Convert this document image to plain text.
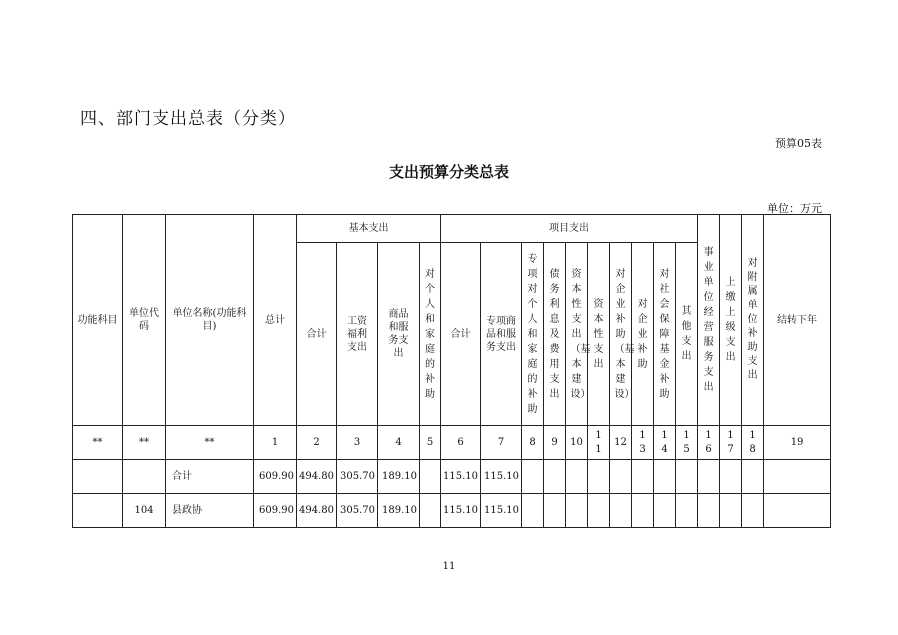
四、部门支出总表（分类）
预算05表
支出预算分类总表
单位：万元
功能科目	单位代码	单位名称(功能科目)	总计	基本支出				项目支出										事业单位经营服务支出	上缴上级支出	对附属单位补助支出	结转下年
				合计	工资福利支出	商品和服务支出	对个人和家庭的补助	合计	专项商品和服务支出	专项对个人和家庭的补助	债务利息及费用支出	资本性支出（基本建设）	资本性支出	对企业补助（基本建设）	对企业补助	对社会保障基金补助	其他支出				
**	**	**	1	2	3	4	5	6	7	8	9	10	11	12	13	14	15	16	17	18	19
		合计	609.90	494.80	305.70	189.10		115.10	115.10												

	104	县政协	609.90	494.80	305.70	189.10		115.10	115.10												

11
